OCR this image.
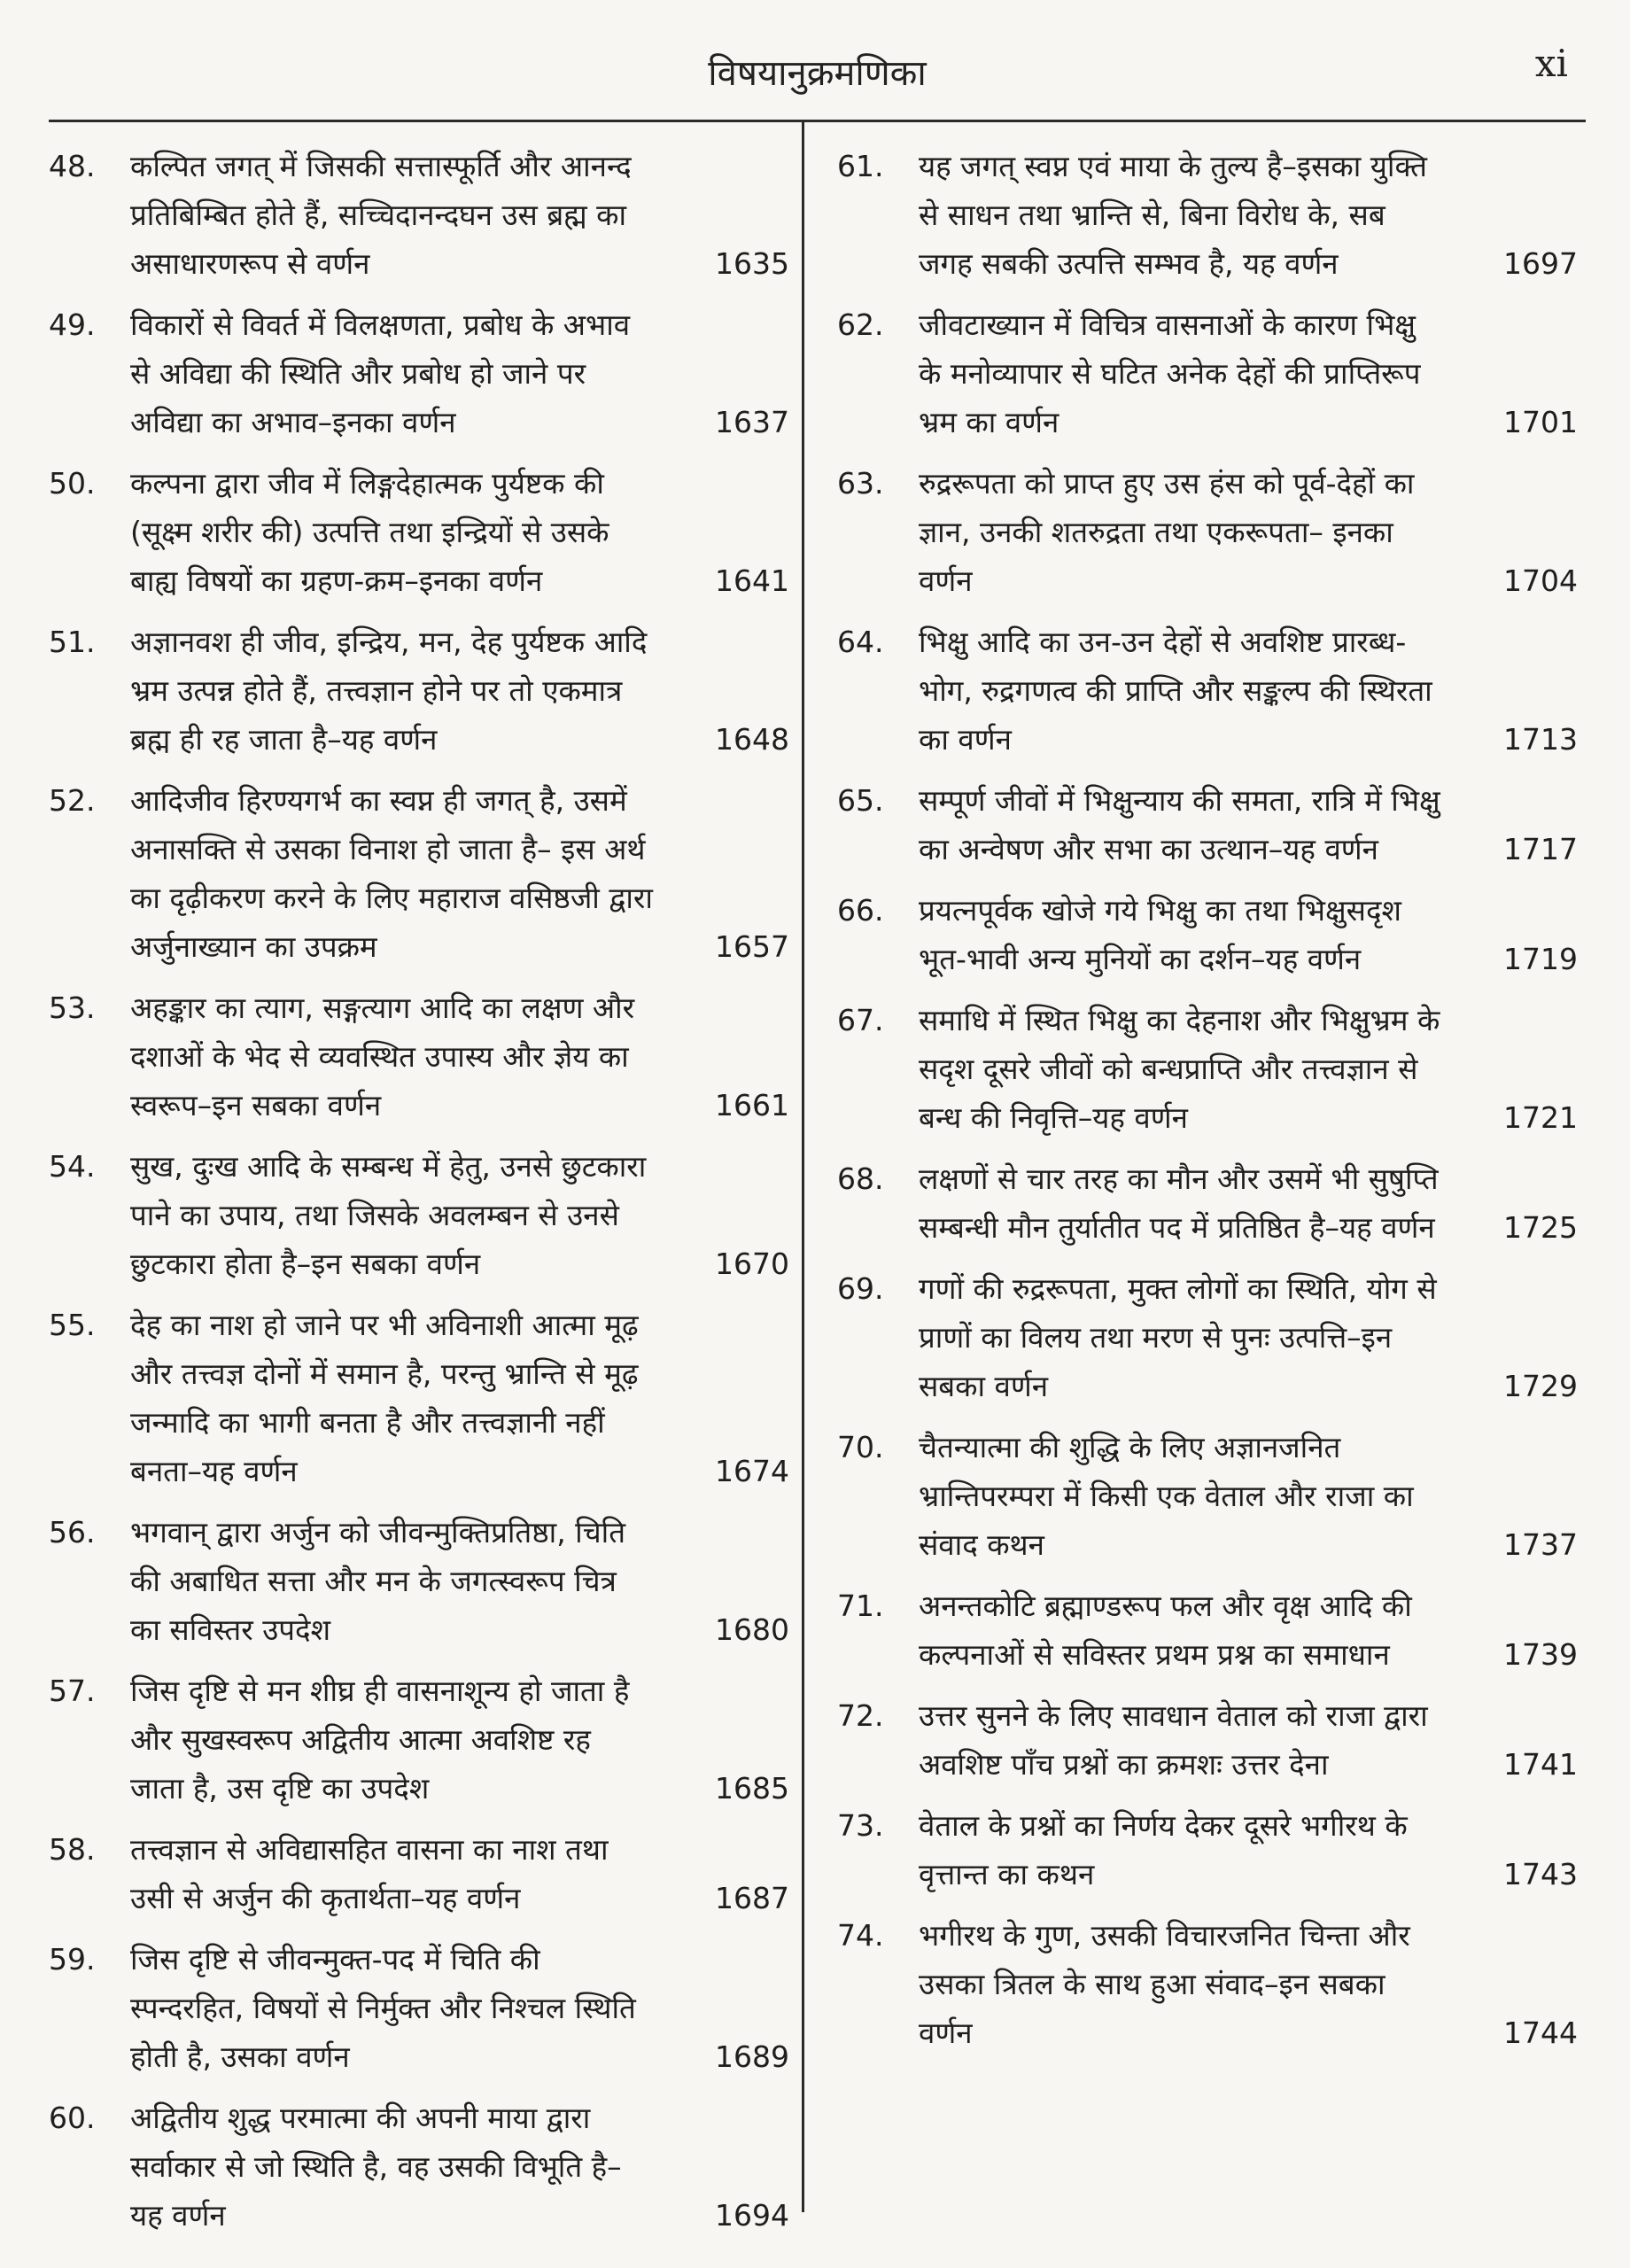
विषयानुक्रमणिका	xi
48.	कल्पित जगत् में जिसकी सत्तास्फूर्ति और आनन्द प्रतिबिम्बित होते हैं, सच्चिदानन्दघन उस ब्रह्म का असाधारणरूप से वर्णन	1635
49.	विकारों से विवर्त में विलक्षणता, प्रबोध के अभाव से अविद्या की स्थिति और प्रबोध हो जाने पर अविद्या का अभाव–इनका वर्णन	1637
50.	कल्पना द्वारा जीव में लिङ्गदेहात्मक पुर्यष्टक की (सूक्ष्म शरीर की) उत्पत्ति तथा इन्द्रियों से उसके बाह्य विषयों का ग्रहण-क्रम–इनका वर्णन	1641
51.	अज्ञानवश ही जीव, इन्द्रिय, मन, देह पुर्यष्टक आदि भ्रम उत्पन्न होते हैं, तत्त्वज्ञान होने पर तो एकमात्र ब्रह्म ही रह जाता है–यह वर्णन	1648
52.	आदिजीव हिरण्यगर्भ का स्वप्न ही जगत् है, उसमें अनासक्ति से उसका विनाश हो जाता है– इस अर्थ का दृढ़ीकरण करने के लिए महाराज वसिष्ठजी द्वारा अर्जुनाख्यान का उपक्रम	1657
53.	अहङ्कार का त्याग, सङ्गत्याग आदि का लक्षण और दशाओं के भेद से व्यवस्थित उपास्य और ज्ञेय का स्वरूप–इन सबका वर्णन	1661
54.	सुख, दुःख आदि के सम्बन्ध में हेतु, उनसे छुटकारा पाने का उपाय, तथा जिसके अवलम्बन से उनसे छुटकारा होता है–इन सबका वर्णन	1670
55.	देह का नाश हो जाने पर भी अविनाशी आत्मा मूढ़ और तत्त्वज्ञ दोनों में समान है, परन्तु भ्रान्ति से मूढ़ जन्मादि का भागी बनता है और तत्त्वज्ञानी नहीं बनता–यह वर्णन	1674
56.	भगवान् द्वारा अर्जुन को जीवन्मुक्तिप्रतिष्ठा, चिति की अबाधित सत्ता और मन के जगत्स्वरूप चित्र का सविस्तर उपदेश	1680
57.	जिस दृष्टि से मन शीघ्र ही वासनाशून्य हो जाता है और सुखस्वरूप अद्वितीय आत्मा अवशिष्ट रह जाता है, उस दृष्टि का उपदेश	1685
58.	तत्त्वज्ञान से अविद्यासहित वासना का नाश तथा उसी से अर्जुन की कृतार्थता–यह वर्णन	1687
59.	जिस दृष्टि से जीवन्मुक्त-पद में चिति की स्पन्दरहित, विषयों से निर्मुक्त और निश्चल स्थिति होती है, उसका वर्णन	1689
60.	अद्वितीय शुद्ध परमात्मा की अपनी माया द्वारा सर्वाकार से जो स्थिति है, वह उसकी विभूति है–यह वर्णन	1694
61.	यह जगत् स्वप्न एवं माया के तुल्य है–इसका युक्ति से साधन तथा भ्रान्ति से, बिना विरोध के, सब जगह सबकी उत्पत्ति सम्भव है, यह वर्णन	1697
62.	जीवटाख्यान में विचित्र वासनाओं के कारण भिक्षु के मनोव्यापार से घटित अनेक देहों की प्राप्तिरूप भ्रम का वर्णन	1701
63.	रुद्ररूपता को प्राप्त हुए उस हंस को पूर्व-देहों का ज्ञान, उनकी शतरुद्रता तथा एकरूपता– इनका वर्णन	1704
64.	भिक्षु आदि का उन-उन देहों से अवशिष्ट प्रारब्ध-भोग, रुद्रगणत्व की प्राप्ति और सङ्कल्प की स्थिरता का वर्णन	1713
65.	सम्पूर्ण जीवों में भिक्षुन्याय की समता, रात्रि में भिक्षु का अन्वेषण और सभा का उत्थान–यह वर्णन	1717
66.	प्रयत्नपूर्वक खोजे गये भिक्षु का तथा भिक्षुसदृश भूत-भावी अन्य मुनियों का दर्शन–यह वर्णन	1719
67.	समाधि में स्थित भिक्षु का देहनाश और भिक्षुभ्रम के सदृश दूसरे जीवों को बन्धप्राप्ति और तत्त्वज्ञान से बन्ध की निवृत्ति–यह वर्णन	1721
68.	लक्षणों से चार तरह का मौन और उसमें भी सुषुप्ति सम्बन्धी मौन तुर्यातीत पद में प्रतिष्ठित है–यह वर्णन	1725
69.	गणों की रुद्ररूपता, मुक्त लोगों का स्थिति, योग से प्राणों का विलय तथा मरण से पुनः उत्पत्ति–इन सबका वर्णन	1729
70.	चैतन्यात्मा की शुद्धि के लिए अज्ञानजनित भ्रान्तिपरम्परा में किसी एक वेताल और राजा का संवाद कथन	1737
71.	अनन्तकोटि ब्रह्माण्डरूप फल और वृक्ष आदि की कल्पनाओं से सविस्तर प्रथम प्रश्न का समाधान	1739
72.	उत्तर सुनने के लिए सावधान वेताल को राजा द्वारा अवशिष्ट पाँच प्रश्नों का क्रमशः उत्तर देना	1741
73.	वेताल के प्रश्नों का निर्णय देकर दूसरे भगीरथ के वृत्तान्त का कथन	1743
74.	भगीरथ के गुण, उसकी विचारजनित चिन्ता और उसका त्रितल के साथ हुआ संवाद–इन सबका वर्णन	1744
